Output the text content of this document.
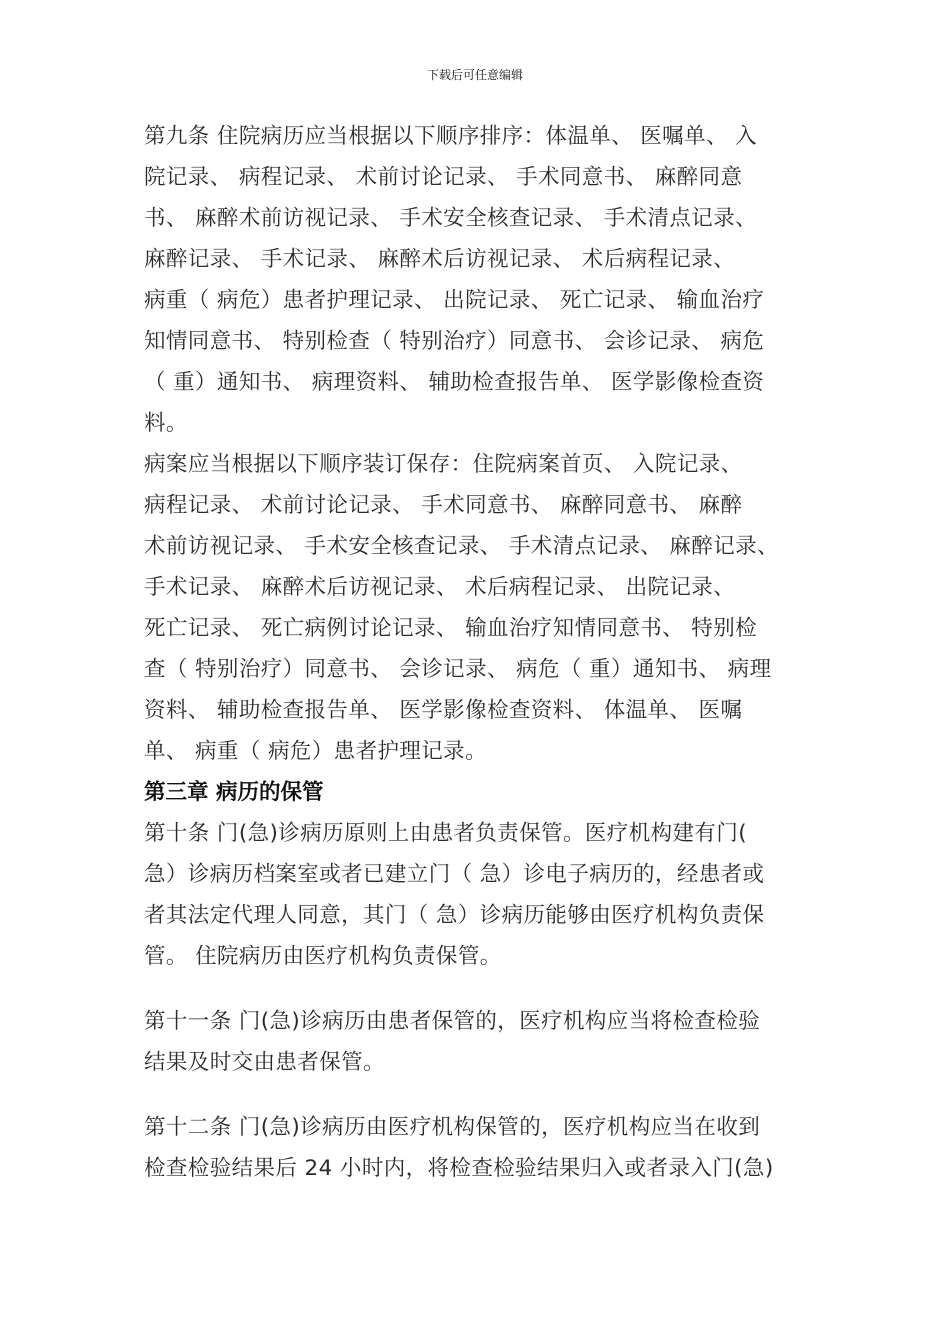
下载后可任意编辑
第九条 住院病历应当根据以下顺序排序：体温单、 医嘱单、 入
院记录、 病程记录、 术前讨论记录、 手术同意书、 麻醉同意
书、 麻醉术前访视记录、 手术安全核查记录、 手术清点记录、
麻醉记录、 手术记录、 麻醉术后访视记录、 术后病程记录、
病重（ 病危）患者护理记录、 出院记录、 死亡记录、 输血治疗
知情同意书、 特别检查（ 特别治疗）同意书、 会诊记录、 病危
（ 重）通知书、 病理资料、 辅助检查报告单、 医学影像检查资
料。
病案应当根据以下顺序装订保存：住院病案首页、 入院记录、
病程记录、 术前讨论记录、 手术同意书、 麻醉同意书、 麻醉
术前访视记录、 手术安全核查记录、 手术清点记录、 麻醉记录、
手术记录、 麻醉术后访视记录、 术后病程记录、 出院记录、
死亡记录、 死亡病例讨论记录、 输血治疗知情同意书、 特别检
查（ 特别治疗）同意书、 会诊记录、 病危（ 重）通知书、 病理
资料、 辅助检查报告单、 医学影像检查资料、 体温单、 医嘱
单、 病重（ 病危）患者护理记录。
第三章 病历的保管
第十条 门(急)诊病历原则上由患者负责保管。医疗机构建有门(
急）诊病历档案室或者已建立门（ 急）诊电子病历的，经患者或
者其法定代理人同意，其门（ 急）诊病历能够由医疗机构负责保
管。 住院病历由医疗机构负责保管。
第十一条 门(急)诊病历由患者保管的，医疗机构应当将检查检验
结果及时交由患者保管。
第十二条 门(急)诊病历由医疗机构保管的，医疗机构应当在收到
检查检验结果后 24 小时内，将检查检验结果归入或者录入门(急)
